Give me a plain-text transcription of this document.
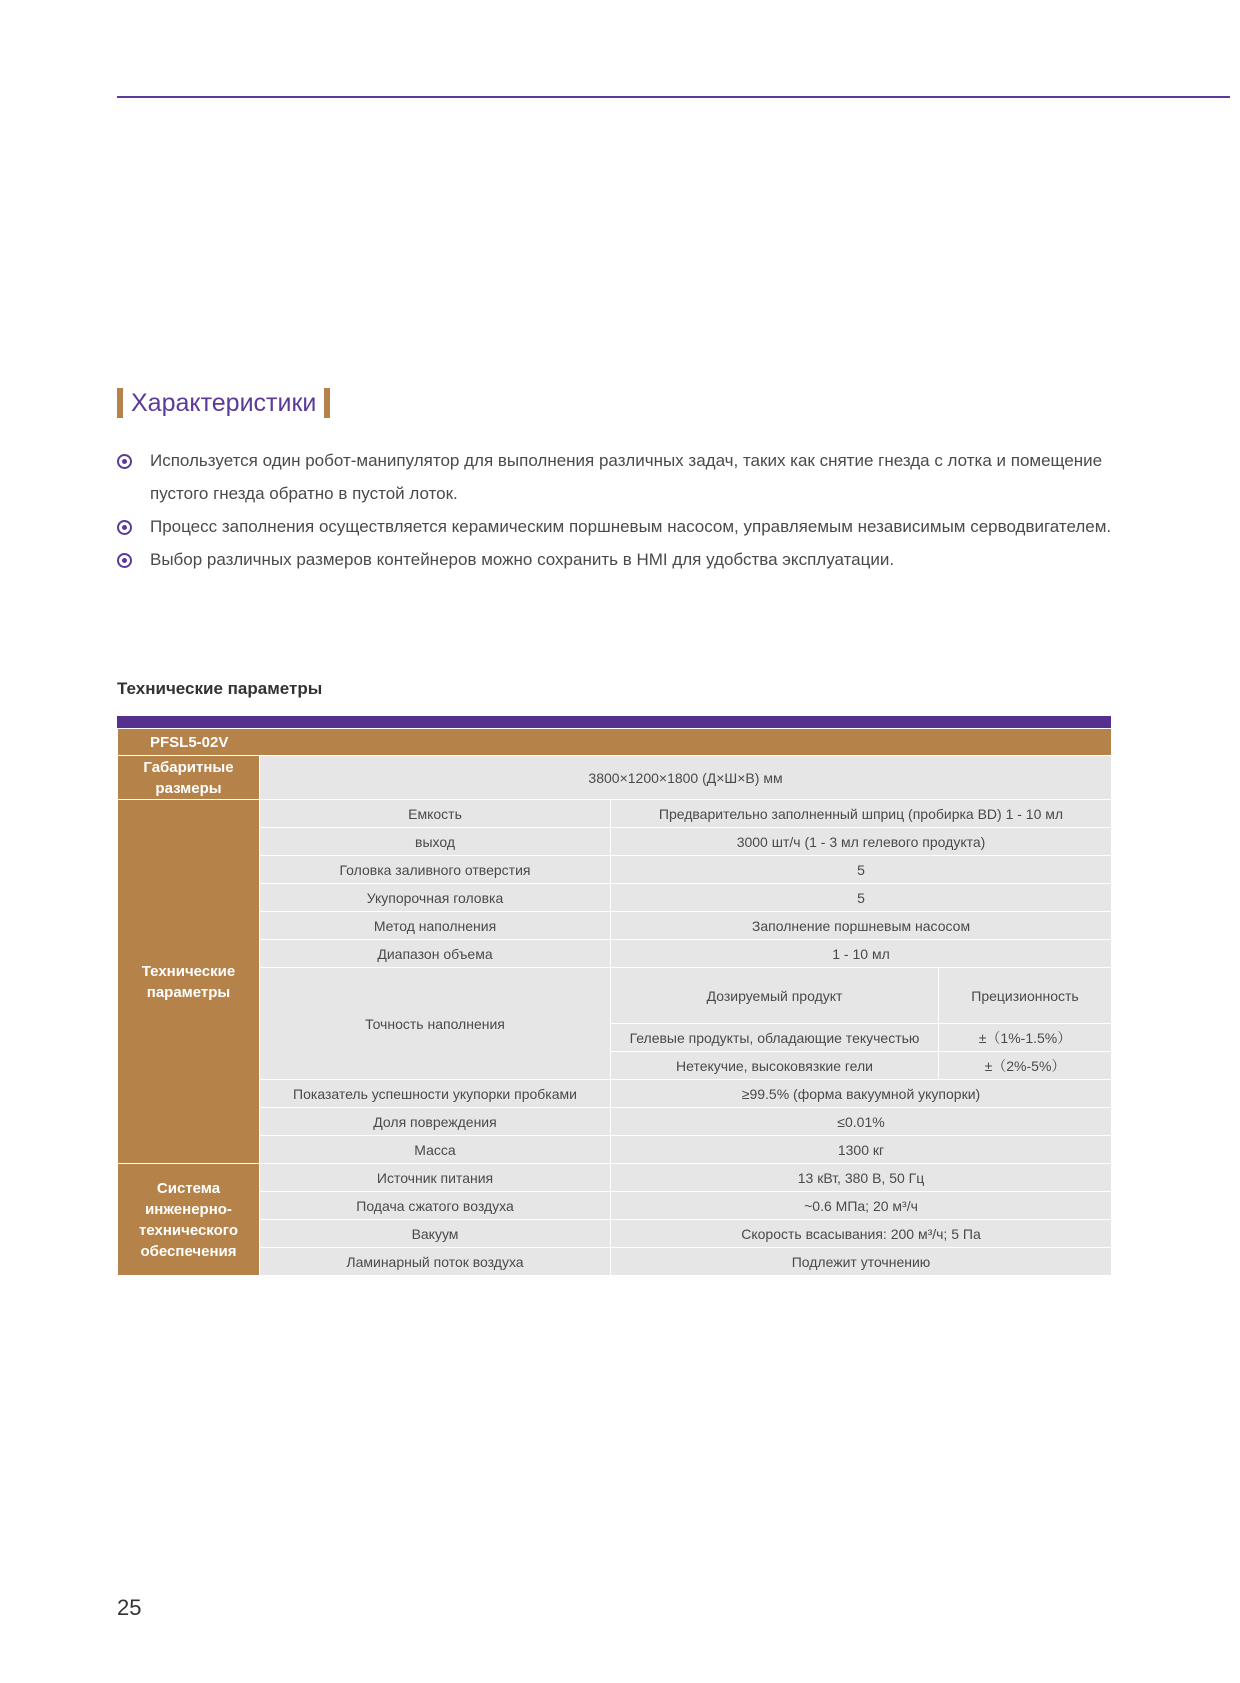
Характеристики
Используется один робот-манипулятор для выполнения различных задач, таких как снятие гнезда с лотка и помещение пустого гнезда обратно в пустой лоток.
Процесс заполнения осуществляется керамическим поршневым насосом, управляемым независимым серводвигателем.
Выбор различных размеров контейнеров можно сохранить в HMI для удобства эксплуатации.
Технические параметры
PFSL5-02V			
Габаритные размеры	3800×1200×1800 (Д×Ш×В) мм		
Технические параметры	Емкость	Предварительно заполненный шприц (пробирка BD) 1 - 10 мл	
	выход	3000 шт/ч (1 - 3 мл гелевого продукта)	
	Головка заливного отверстия	5	
	Укупорочная головка	5	
	Метод наполнения	Заполнение поршневым насосом	
	Диапазон объема	1 - 10 мл	
	Точность наполнения	Дозируемый продукт	Прецизионность
		Гелевые продукты, обладающие текучестью	±（1%-1.5%）
		Нетекучие, высоковязкие гели	±（2%-5%）
	Показатель успешности укупорки пробками	≥99.5% (форма вакуумной укупорки)	
	Доля повреждения	≤0.01%	
	Масса	1300 кг	
Система инженерно-технического обеспечения	Источник питания	13 кВт, 380 В, 50 Гц	
	Подача сжатого воздуха	~0.6 МПа; 20 м³/ч	
	Вакуум	Скорость всасывания: 200 м³/ч; 5 Па	
	Ламинарный поток воздуха	Подлежит уточнению	
25
